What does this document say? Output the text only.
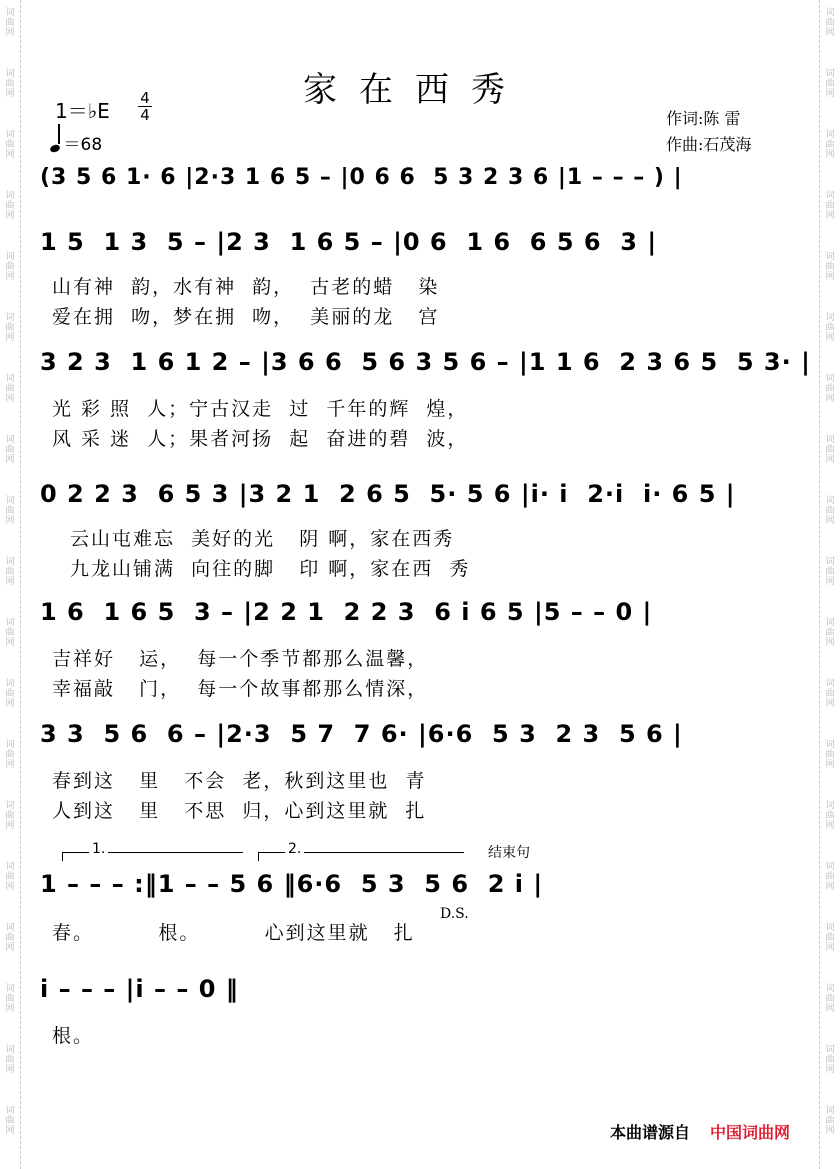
词
曲
网
词
曲
网
词
曲
网
词
曲
网
词
曲
网
词
曲
网
词
曲
网
词
曲
网
词
曲
网
词
曲
网
词
曲
网
词
曲
网
词
曲
网
词
曲
网
词
曲
网
词
曲
网
词
曲
网
词
曲
网
词
曲
网
词
曲
网
词
曲
网
词
曲
网
词
曲
网
词
曲
网
词
曲
网
词
曲
网
词
曲
网
词
曲
网
词
曲
网
词
曲
网
词
曲
网
词
曲
网
词
曲
网
词
曲
网
词
曲
网
词
曲
网
词
曲
网
词
曲
网
家在西秀
1＝♭E
4
4
＝68
作词:陈 雷
作曲:石茂海
(3 5 6 1· 6 |2·3 1 6 5 – |0 6 6  5 3 2 3 6 |1 – – – ) |
1 5  1 3  5 – |2 3  1 6 5 – |0 6  1 6  6 5 6  3 |
山有神  韵，水有神  韵，  古老的蜡   染
爱在拥  吻，梦在拥  吻，  美丽的龙   宫
3 2 3  1 6 1 2 – |3 6 6  5 6 3 5 6 – |1 1 6  2 3 6 5  5 3· |
光 彩 照  人；宁古汉走  过  千年的辉  煌，
风 采 迷  人；果者河扬  起  奋进的碧  波，
0 2 2 3  6 5 3 |3 2 1  2 6 5  5· 5 6 |i· i  2·i  i· 6 5 |
云山屯难忘  美好的光   阴 啊，家在西秀
九龙山铺满  向往的脚   印 啊，家在西  秀
1 6  1 6 5  3 – |2 2 1  2 2 3  6 i 6 5 |5 – – 0 |
吉祥好   运，  每一个季节都那么温馨，
幸福敲   门，  每一个故事都那么情深，
3 3  5 6  6 – |2·3  5 7  7 6· |6·6  5 3  2 3  5 6 |
春到这   里   不会  老，秋到这里也  青
人到这   里   不思  归，心到这里就  扎
1.	2.	结束句
1 – – – :‖1 – – 5 6 ‖6·6  5 3  5 6  2 i |
春。        根。        心到这里就   扎
D.S.
i – – – |i – – 0 ‖
根。
本曲谱源自 中国词曲网
